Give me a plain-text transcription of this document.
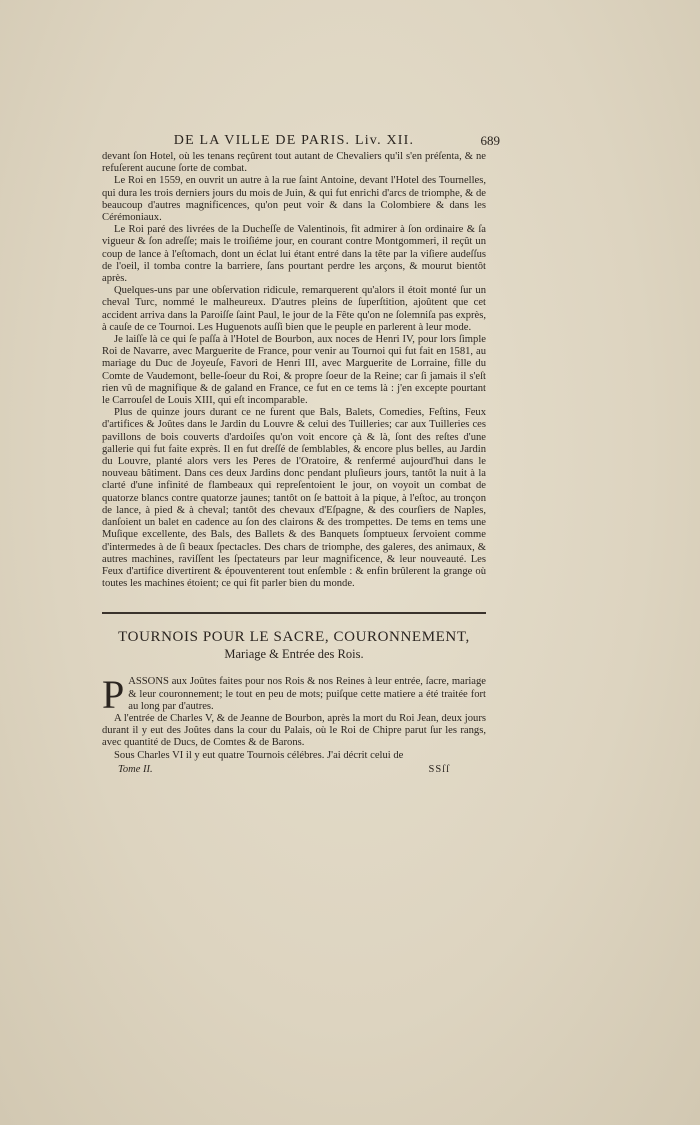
DE LA VILLE DE PARIS. Liv. XII.	689

devant ſon Hotel, où les tenans reçûrent tout autant de Chevaliers qu'il s'en préſenta, & ne refuſerent aucune ſorte de combat.

Le Roi en 1559, en ouvrit un autre à la rue ſaint Antoine, devant l'Hotel des Tournelles, qui dura les trois derniers jours du mois de Juin, & qui fut enrichi d'arcs de triomphe, & de beaucoup d'autres magnificences, qu'on peut voir & dans la Colombiere & dans les Cérémoniaux.

Le Roi paré des livrées de la Ducheſſe de Valentinois, fit admirer à ſon ordinaire & ſa vigueur & ſon adreſſe; mais le troiſiéme jour, en courant contre Montgommeri, il reçût un coup de lance à l'eſtomach, dont un éclat lui étant entré dans la tête par la viſiere audeſſus de l'oeil, il tomba contre la barriere, ſans pourtant perdre les arçons, & mourut bientôt après.

Quelques-uns par une obſervation ridicule, remarquerent qu'alors il étoit monté ſur un cheval Turc, nommé le malheureux. D'autres pleins de ſuperſtition, ajoûtent que cet accident arriva dans la Paroiſſe ſaint Paul, le jour de la Fête qu'on ne ſolemniſa pas exprès, à cauſe de ce Tournoi. Les Huguenots auſſi bien que le peuple en parlerent à leur mode.

Je laiſſe là ce qui ſe paſſa à l'Hotel de Bourbon, aux noces de Henri IV, pour lors ſimple Roi de Navarre, avec Marguerite de France, pour venir au Tournoi qui fut fait en 1581, au mariage du Duc de Joyeuſe, Favori de Henri III, avec Marguerite de Lorraine, fille du Comte de Vaudemont, belle-ſoeur du Roi, & propre ſoeur de la Reine; car ſi jamais il s'eſt rien vû de magnifique & de galand en France, ce fut en ce tems là : j'en excepte pourtant le Carrouſel de Louis XIII, qui eſt incomparable.

Plus de quinze jours durant ce ne furent que Bals, Balets, Comedies, Feſtins, Feux d'artifices & Joûtes dans le Jardin du Louvre & celui des Tuilleries; car aux Tuilleries ces pavillons de bois couverts d'ardoiſes qu'on voit encore çà & là, ſont des reſtes d'une gallerie qui fut faite exprès. Il en fut dreſſé de ſemblables, & encore plus belles, au Jardin du Louvre, planté alors vers les Peres de l'Oratoire, & renfermé aujourd'hui dans le nouveau bâtiment. Dans ces deux Jardins donc pendant pluſieurs jours, tantôt la nuit à la clarté d'une infinité de flambeaux qui repreſentoient le jour, on voyoit un combat de quatorze blancs contre quatorze jaunes; tantôt on ſe battoit à la pique, à l'eſtoc, au tronçon de lance, à pied & à cheval; tantôt des chevaux d'Eſpagne, & des courſiers de Naples, danſoient un balet en cadence au ſon des clairons & des trompettes. De tems en tems une Muſique excellente, des Bals, des Ballets & des Banquets ſomptueux ſervoient comme d'intermedes à de ſi beaux ſpectacles. Des chars de triomphe, des galeres, des animaux, & autres machines, raviſſent les ſpectateurs par leur magnificence, & leur nouveauté. Les Feux d'artifice divertirent & épouventerent tout enſemble : & enfin brûlerent la grange où toutes les machines étoient; ce qui fit parler bien du monde.

TOURNOIS POUR LE SACRE, COURONNEMENT,
Mariage & Entrée des Rois.

PASSONS aux Joûtes faites pour nos Rois & nos Reines à leur entrée, ſacre, mariage & leur couronnement; le tout en peu de mots; puiſque cette matiere a été traitée fort au long par d'autres.

A l'entrée de Charles V, & de Jeanne de Bourbon, après la mort du Roi Jean, deux jours durant il y eut des Joûtes dans la cour du Palais, où le Roi de Chipre parut ſur les rangs, avec quantité de Ducs, de Comtes & de Barons.

Sous Charles VI il y eut quatre Tournois célébres. J'ai décrit celui de

Tome II.	SSſſ
